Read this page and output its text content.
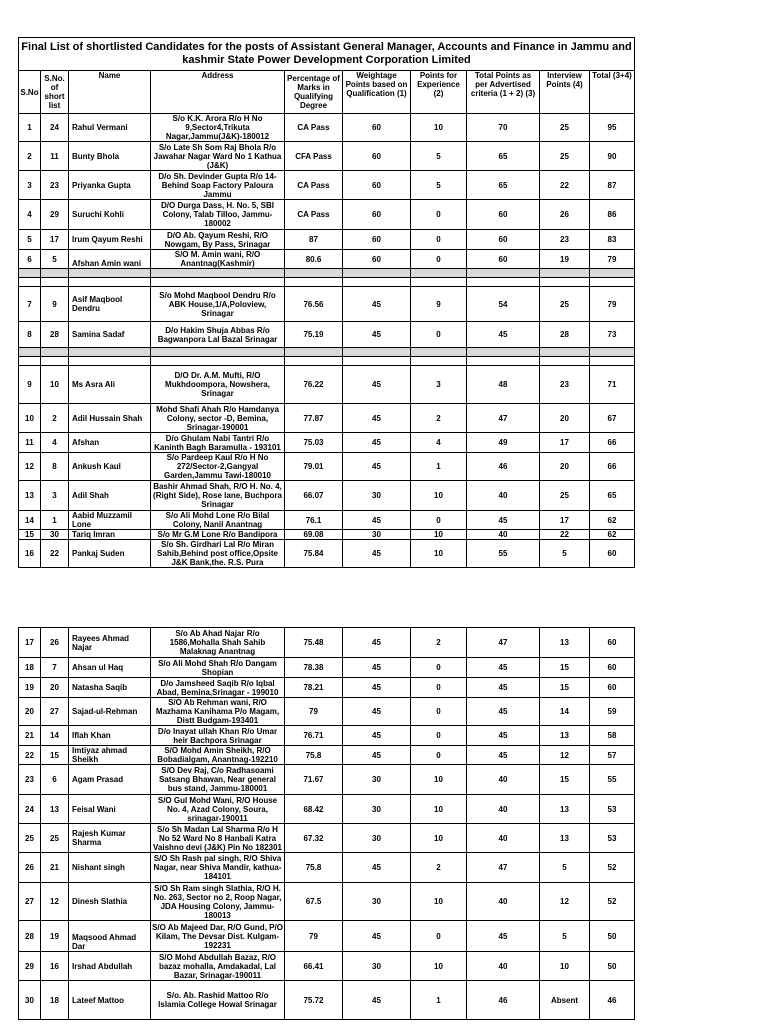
Final List of shortlisted Candidates for the posts of Assistant General Manager, Accounts and Finance in Jammu and kashmir State Power Development Corporation Limited									
S.No	S.No. of short list	Name	Address	Percentage of Marks in Qualifying Degree	Weightage Points based on Qualification (1)	Points for Experience (2)	Total Points as per Advertised criteria (1 + 2) (3)	Interview Points (4)	Total (3+4)
1	24	Rahul Vermani	S/o K.K. Arora R/o H No 9,Sector4,Trikuta Nagar,Jammu(J&K)-180012	CA Pass	60	10	70	25	95
2	11	Bunty Bhola	S/o Late Sh Som Raj Bhola R/o Jawahar Nagar Ward No 1 Kathua (J&K)	CFA Pass	60	5	65	25	90
3	23	Priyanka Gupta	D/o Sh. Devinder Gupta R/o 14-Behind Soap Factory Paloura Jammu	CA Pass	60	5	65	22	87
4	29	Suruchi Kohli	D/O Durga Dass, H. No. 5, SBI Colony, Talab Tilloo, Jammu-180002	CA Pass	60	0	60	26	86
5	17	Irum Qayum Reshi	D/O Ab. Qayum Reshi, R/O Nowgam, By Pass, Srinagar	87	60	0	60	23	83
6	5	Afshan Amin wani	S/O M. Amin wani, R/O Anantnag(Kashmir)	80.6	60	0	60	19	79

7	9	Asif Maqbool Dendru	S/o Mohd Maqbool Dendru R/o ABK House,1/A,Poloview, Srinagar	76.56	45	9	54	25	79
8	28	Samina Sadaf	D/o Hakim Shuja Abbas R/o Bagwanpora Lal Bazal Srinagar	75.19	45	0	45	28	73

9	10	Ms Asra Ali	D/O Dr. A.M. Mufti, R/O Mukhdoompora, Nowshera, Srinagar	76.22	45	3	48	23	71
10	2	Adil Hussain Shah	Mohd Shafi Ahah R/o Hamdanya Colony, sector -D, Bemina, Srinagar-190001	77.87	45	2	47	20	67
11	4	Afshan	D/o Ghulam Nabi Tantri R/o Kaninth Bagh Baramulla - 193101	75.03	45	4	49	17	66
12	8	Ankush Kaul	S/o Pardeep Kaul R/o H No 272/Sector-2,Gangyal Garden,Jammu Tawi-180010	79.01	45	1	46	20	66
13	3	Adil Shah	Bashir Ahmad Shah, R/O H. No. 4,(Right Side), Rose lane, Buchpora Srinagar	66.07	30	10	40	25	65
14	1	Aabid Muzzamil Lone	S/o Ali Mohd Lone R/o Bilal Colony, Nanil Anantnag	76.1	45	0	45	17	62
15	30	Tariq Imran	S/o Mr G.M Lone R/o Bandipora	69.08	30	10	40	22	62
16	22	Pankaj Suden	S/o Sh. Girdhari Lal R/o Miran Sahib,Behind post office,Opsite J&K Bank,the. R.S. Pura	75.84	45	10	55	5	60
17	26	Rayees Ahmad Najar	S/o Ab Ahad Najar R/o 1586,Mohalla Shah Sahib Malaknag Anantnag	75.48	45	2	47	13	60
18	7	Ahsan ul Haq	S/o Ali Mohd Shah R/o Dangam Shopian	78.38	45	0	45	15	60
19	20	Natasha Saqib	D/o Jamsheed Saqib R/o Iqbal Abad, Bemina,Srinagar - 199010	78.21	45	0	45	15	60
20	27	Sajad-ul-Rehman	S/O Ab Rehman wani, R/O Mazhama Kanihama P/o Magam, Distt Budgam-193401	79	45	0	45	14	59
21	14	Iflah Khan	D/o Inayat ullah Khan R/o Umar heir Bachpora Srinagar	76.71	45	0	45	13	58
22	15	Imtiyaz ahmad Sheikh	S/O Mohd Amin Sheikh, R/O Bobadialgam, Anantnag-192210	75.8	45	0	45	12	57
23	6	Agam Prasad	S/O Dev Raj, C/o Radhasoami Satsang Bhawan, Near general bus stand, Jammu-180001	71.67	30	10	40	15	55
24	13	Feisal Wani	S/O Gul Mohd Wani, R/O House No. 4, Azad Colony, Soura, srinagar-190011	68.42	30	10	40	13	53
25	25	Rajesh Kumar Sharma	S/o Sh Madan Lal Sharma R/o H No 52 Ward No 8 Hanbali Katra Vaishno devi (J&K) Pin No 182301	67.32	30	10	40	13	53
26	21	Nishant singh	S/O Sh Rash pal singh, R/O Shiva Nagar, near Shiva Mandir, kathua-184101	75.8	45	2	47	5	52
27	12	Dinesh Slathia	S/O Sh Ram singh Slathia, R/O H. No. 263, Sector no 2, Roop Nagar, JDA Housing Colony, Jammu-180013	67.5	30	10	40	12	52
28	19	Maqsood Ahmad Dar	S/O Ab Majeed Dar, R/O Gund, P/O Kilam, The Devsar Dist. Kulgam-192231	79	45	0	45	5	50
29	16	Irshad Abdullah	S/O Mohd Abdullah Bazaz, R/O bazaz mohalla, Amdakadal, Lal Bazar, Srinagar-190011	66.41	30	10	40	10	50
30	18	Lateef Mattoo	S/o. Ab. Rashid Mattoo R/o Islamia College Howal Srinagar	75.72	45	1	46	Absent	46
